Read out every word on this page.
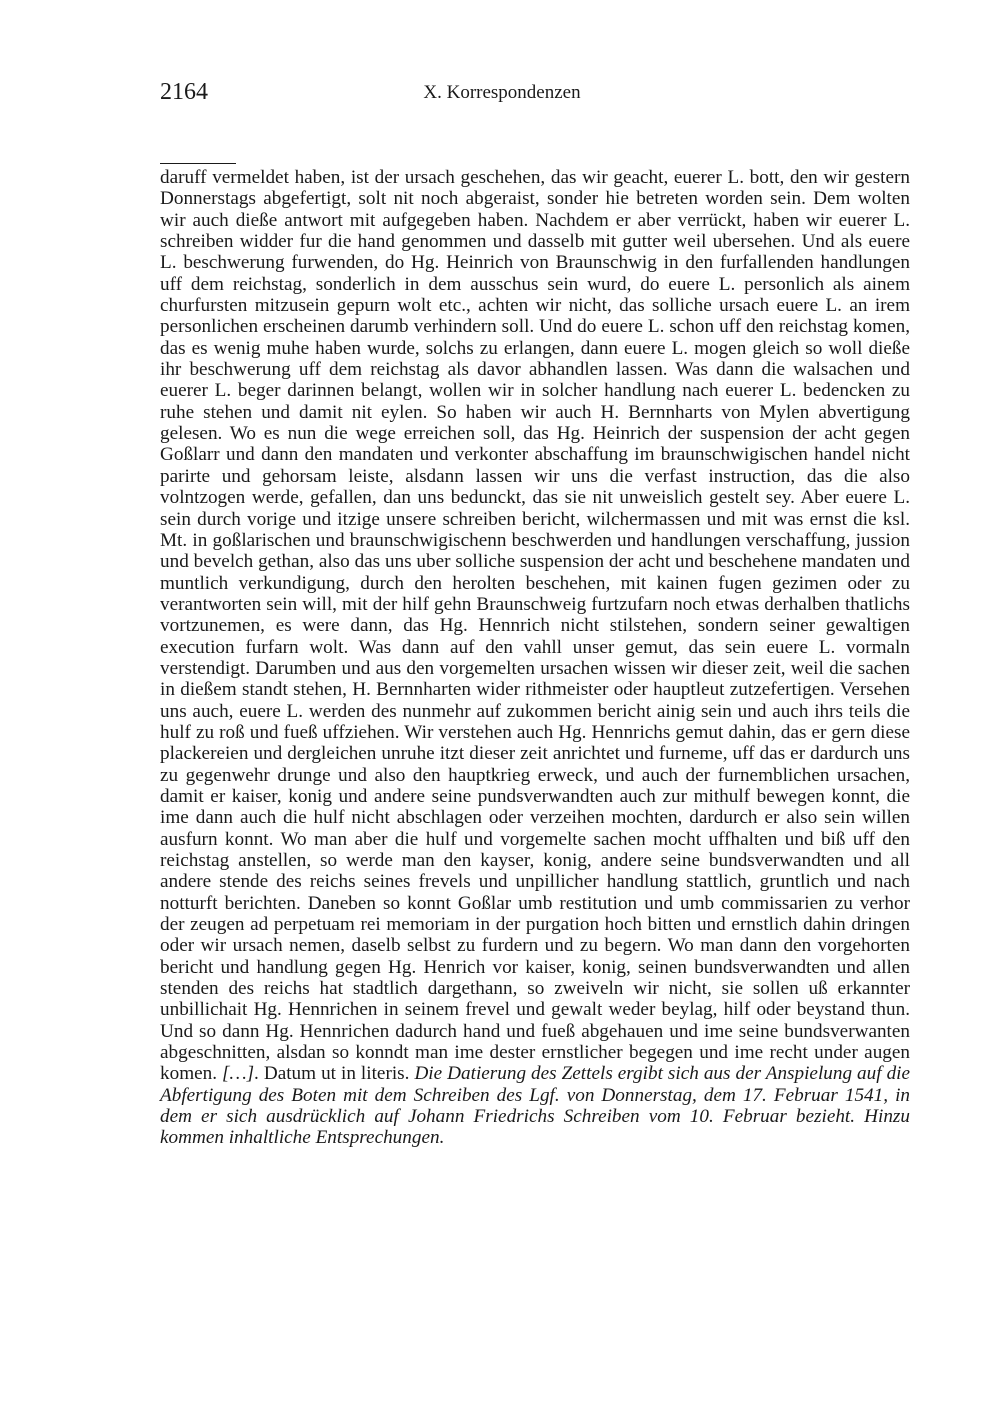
2164	X. Korrespondenzen
daruff vermeldet haben, ist der ursach geschehen, das wir geacht, euerer L. bott, den wir gestern Donnerstags abgefertigt, solt nit noch abgeraist, sonder hie betreten worden sein. Dem wolten wir auch dieße antwort mit aufgegeben haben. Nachdem er aber verrückt, haben wir euerer L. schreiben widder fur die hand genommen und dasselb mit gutter weil ubersehen. Und als euere L. beschwerung furwenden, do Hg. Heinrich von Braunschwig in den furfallenden handlungen uff dem reichstag, sonderlich in dem ausschus sein wurd, do euere L. personlich als ainem churfursten mitzusein gepurn wolt etc., achten wir nicht, das solliche ursach euere L. an irem personlichen erscheinen darumb verhindern soll. Und do euere L. schon uff den reichstag komen, das es wenig muhe haben wurde, solchs zu erlangen, dann euere L. mogen gleich so woll dieße ihr beschwerung uff dem reichstag als davor abhandlen lassen. Was dann die walsachen und euerer L. beger darinnen belangt, wollen wir in solcher handlung nach euerer L. bedencken zu ruhe stehen und damit nit eylen. So haben wir auch H. Bernnharts von Mylen abvertigung gelesen. Wo es nun die wege erreichen soll, das Hg. Heinrich der suspension der acht gegen Goßlarr und dann den mandaten und verkonter abschaffung im braunschwigischen handel nicht parirte und gehorsam leiste, alsdann lassen wir uns die verfast instruction, das die also volntzogen werde, gefallen, dan uns bedunckt, das sie nit unweislich gestelt sey. Aber euere L. sein durch vorige und itzige unsere schreiben bericht, wilchermassen und mit was ernst die ksl. Mt. in goßlarischen und braunschwigischenn beschwerden und handlungen verschaffung, jussion und bevelch gethan, also das uns uber solliche suspension der acht und beschehene mandaten und muntlich verkundigung, durch den herolten beschehen, mit kainen fugen gezimen oder zu verantworten sein will, mit der hilf gehn Braunschweig furtzufarn noch etwas derhalben thatlichs vortzunemen, es were dann, das Hg. Hennrich nicht stilstehen, sondern seiner gewaltigen execution furfarn wolt. Was dann auf den vahll unser gemut, das sein euere L. vormaln verstendigt. Darumben und aus den vorgemelten ursachen wissen wir dieser zeit, weil die sachen in dießem standt stehen, H. Bernnharten wider rithmeister oder hauptleut zutzefertigen. Versehen uns auch, euere L. werden des nunmehr auf zukommen bericht ainig sein und auch ihrs teils die hulf zu roß und fueß uffziehen. Wir verstehen auch Hg. Hennrichs gemut dahin, das er gern diese plackereien und dergleichen unruhe itzt dieser zeit anrichtet und furneme, uff das er dardurch uns zu gegenwehr drunge und also den hauptkrieg erweck, und auch der furnemblichen ursachen, damit er kaiser, konig und andere seine pundsverwandten auch zur mithulf bewegen konnt, die ime dann auch die hulf nicht abschlagen oder verzeihen mochten, dardurch er also sein willen ausfurn konnt. Wo man aber die hulf und vorgemelte sachen mocht uffhalten und biß uff den reichstag anstellen, so werde man den kayser, konig, andere seine bundsverwandten und all andere stende des reichs seines frevels und unpillicher handlung stattlich, gruntlich und nach notturft berichten. Daneben so konnt Goßlar umb restitution und umb commissarien zu verhor der zeugen ad perpetuam rei memoriam in der purgation hoch bitten und ernstlich dahin dringen oder wir ursach nemen, daselb selbst zu furdern und zu begern. Wo man dann den vorgehorten bericht und handlung gegen Hg. Henrich vor kaiser, konig, seinen bundsverwandten und allen stenden des reichs hat stadtlich dargethann, so zweiveln wir nicht, sie sollen uß erkannter unbillichait Hg. Hennrichen in seinem frevel und gewalt weder beylag, hilf oder beystand thun. Und so dann Hg. Hennrichen dadurch hand und fueß abgehauen und ime seine bundsverwanten abgeschnitten, alsdan so konndt man ime dester ernstlicher begegen und ime recht under augen komen. […]. Datum ut in literis. Die Datierung des Zettels ergibt sich aus der Anspielung auf die Abfertigung des Boten mit dem Schreiben des Lgf. von Donnerstag, dem 17. Februar 1541, in dem er sich ausdrücklich auf Johann Friedrichs Schreiben vom 10. Februar bezieht. Hinzu kommen inhaltliche Entsprechungen.
